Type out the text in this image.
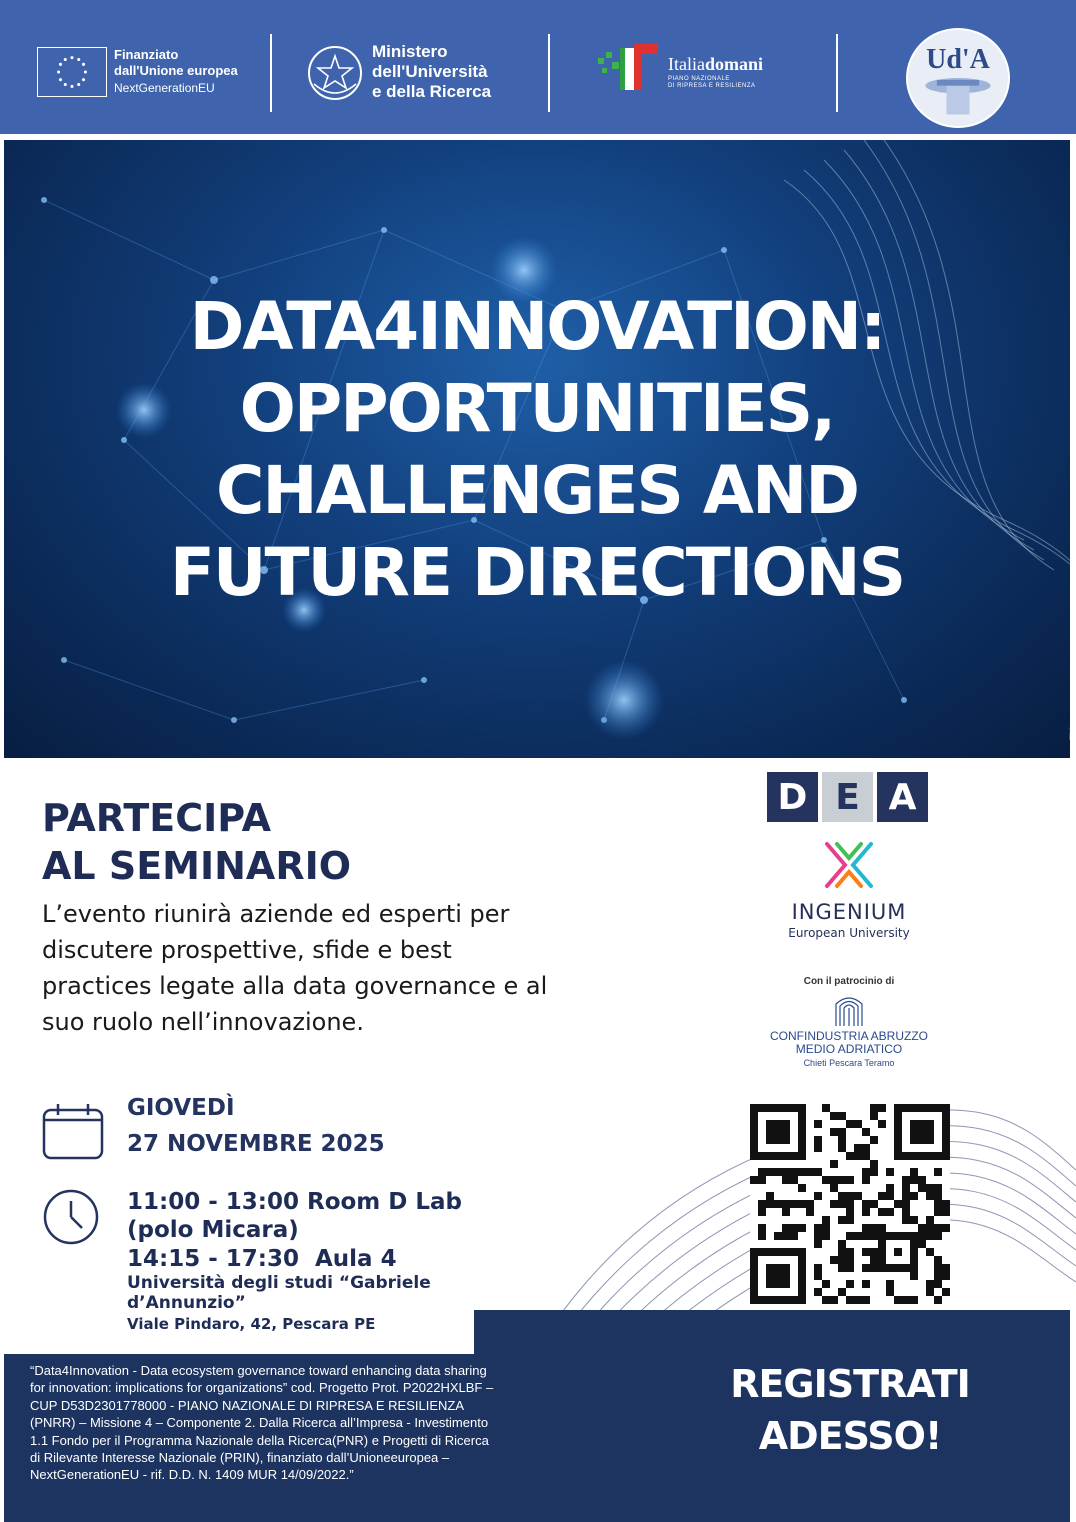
Finanziato
dall'Unione europea
NextGenerationEU
Ministero
dell'Università
e della Ricerca
Italiadomani
PIANO NAZIONALE
DI RIPRESA E RESILIENZA
Ud'A
DATA4INNOVATION:
OPPORTUNITIES,
CHALLENGES AND
FUTURE DIRECTIONS
PARTECIPA
AL SEMINARIO
L’evento riunirà aziende ed esperti per discutere prospettive, sfide e best practices legate alla data governance e al suo ruolo nell’innovazione.
GIOVEDÌ
27 NOVEMBRE 2025
11:00 - 13:00 Room D Lab
(polo Micara)
14:15 - 17:30  Aula 4
Università degli studi “Gabriele d’Annunzio”
Viale Pindaro, 42, Pescara PE
D E A
INGENIUM
European University
Con il patrocinio di
CONFINDUSTRIA ABRUZZO
MEDIO ADRIATICO
Chieti Pescara Teramo
“Data4Innovation - Data ecosystem governance toward enhancing data sharing for innovation: implications for organizations” cod. Progetto Prot. P2022HXLBF – CUP D53D2301778000 - PIANO NAZIONALE DI RIPRESA E RESILIENZA (PNRR) – Missione 4 – Componente 2. Dalla Ricerca all’Impresa - Investimento 1.1 Fondo per il Programma Nazionale della Ricerca(PNR) e Progetti di Ricerca di Rilevante Interesse Nazionale (PRIN), finanziato dall’Unioneeuropea – NextGenerationEU - rif. D.D. N. 1409 MUR 14/09/2022.”
REGISTRATI
ADESSO!
